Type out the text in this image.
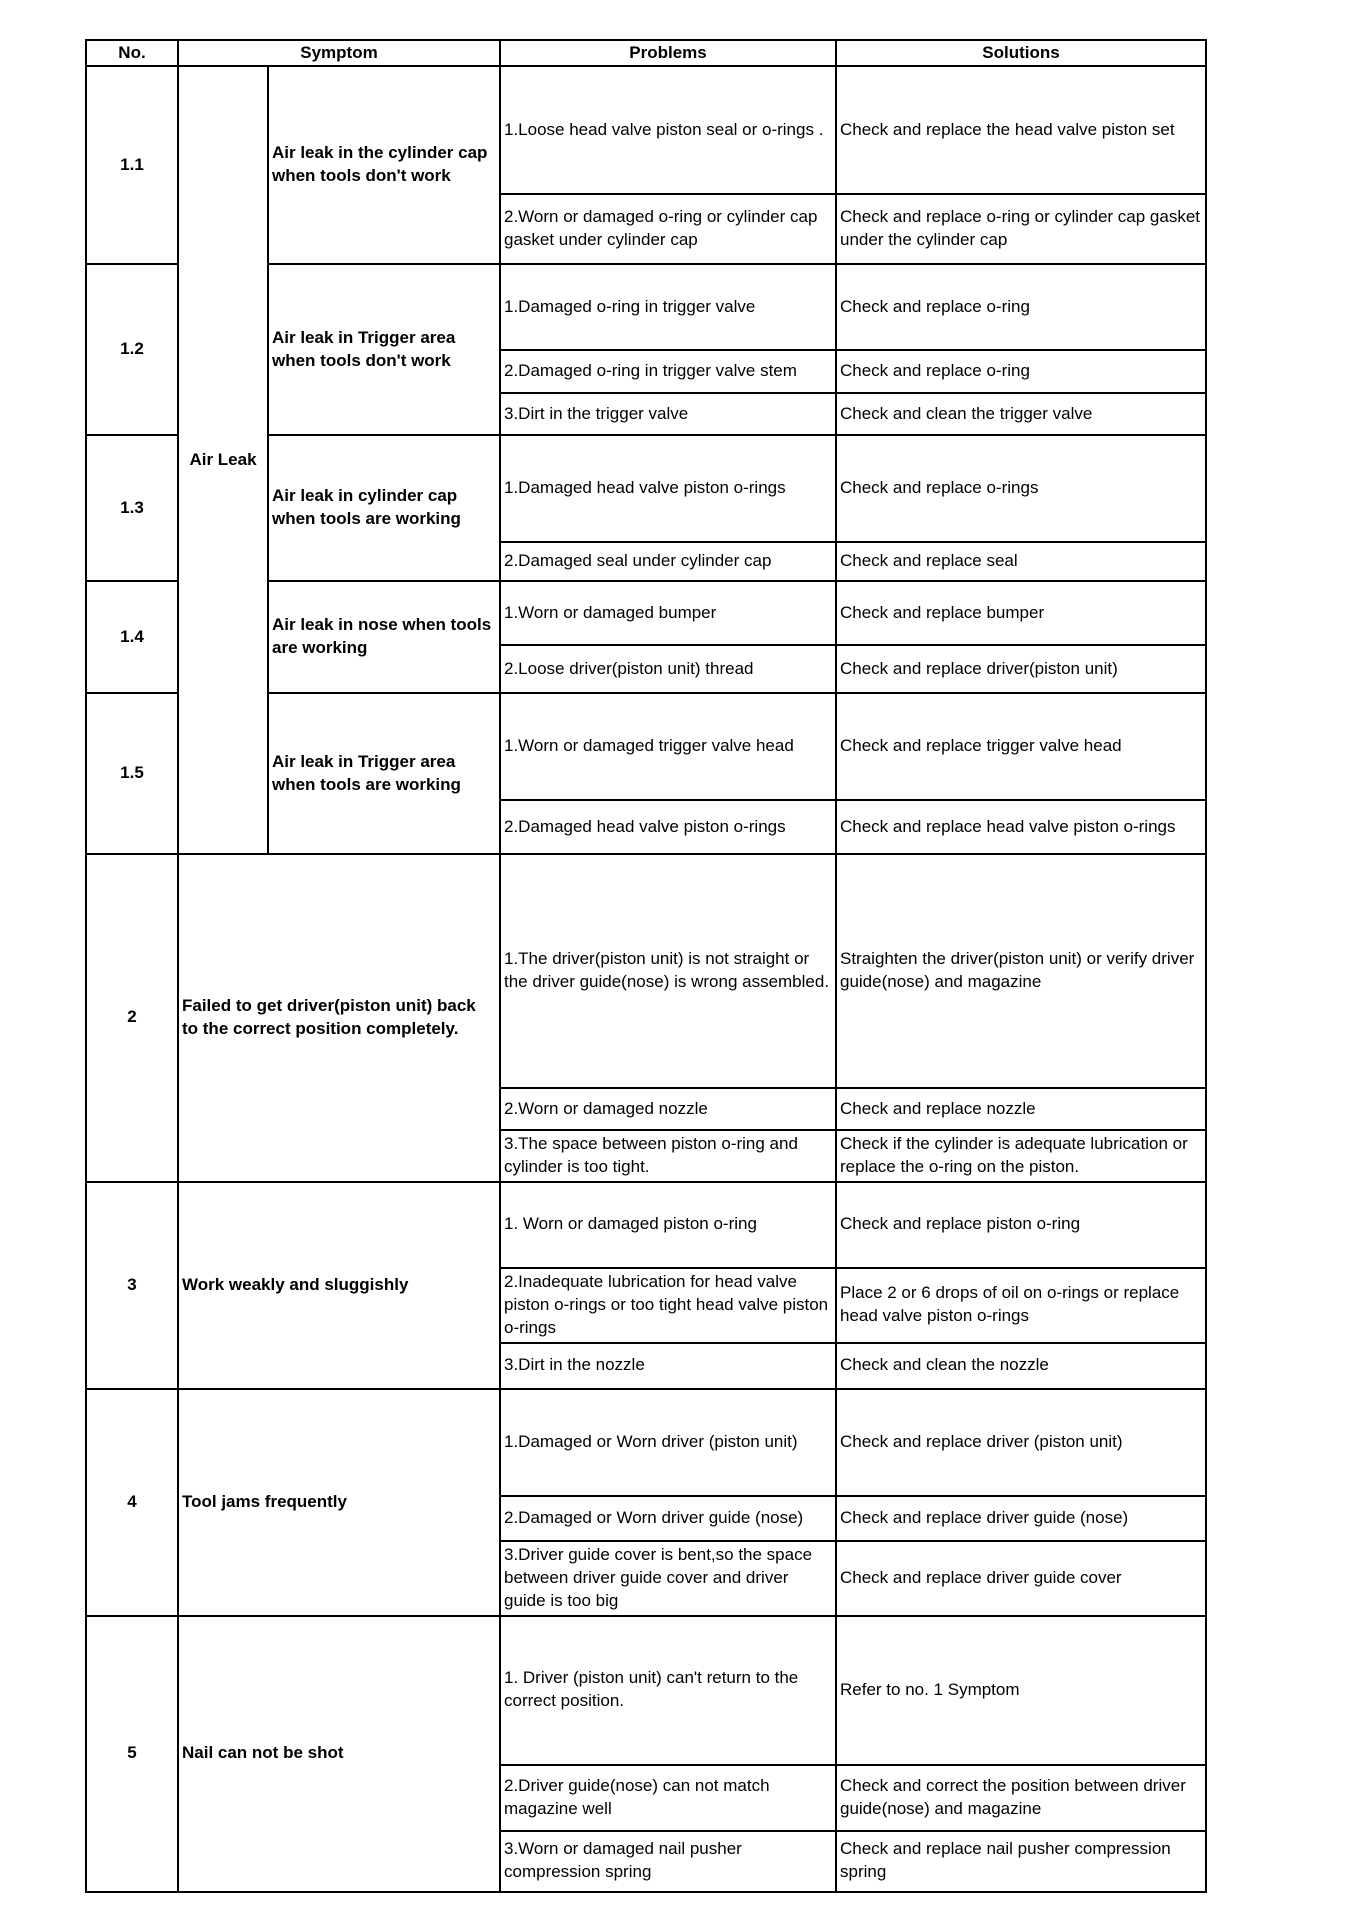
No.	Symptom		Problems	Solutions
1.1	Air Leak	Air leak in the cylinder cap when tools don't work	1.Loose head valve piston seal or o-rings .	Check and replace the head valve piston set
			2.Worn or damaged o-ring or cylinder cap gasket under cylinder cap	Check and replace o-ring or cylinder cap gasket under the cylinder cap
1.2		Air leak in Trigger area when tools don't work	1.Damaged o-ring in trigger valve	Check and replace o-ring
			2.Damaged o-ring in trigger valve stem	Check and replace o-ring
			3.Dirt in the trigger valve	Check and clean the trigger valve
1.3		Air leak in cylinder cap when tools are working	1.Damaged head valve piston o-rings	Check and replace o-rings
			2.Damaged seal under cylinder cap	Check and replace seal
1.4		Air leak in nose when tools are working	1.Worn or damaged bumper	Check and replace bumper
			2.Loose driver(piston unit) thread	Check and replace driver(piston unit)
1.5		Air leak in Trigger area when tools are working	1.Worn or damaged trigger valve head	Check and replace trigger valve head
			2.Damaged head valve piston o-rings	Check and replace head valve piston o-rings
2	Failed to get driver(piston unit) back to the correct position completely.		1.The driver(piston unit) is not straight or the driver guide(nose) is wrong assembled.	Straighten the driver(piston unit) or verify driver guide(nose) and magazine
			2.Worn or damaged nozzle	Check and replace nozzle
			3.The space between piston o-ring and cylinder is too tight.	Check if the cylinder is adequate lubrication or replace the o-ring on the piston.
3	Work weakly and sluggishly		1. Worn or damaged piston o-ring	Check and replace piston o-ring
			2.Inadequate lubrication for head valve piston o-rings or too tight head valve piston o-rings	Place 2 or 6 drops of oil on o-rings or replace head valve piston o-rings
			3.Dirt in the nozzle	Check and clean the nozzle
4	Tool jams frequently		1.Damaged or Worn driver (piston unit)	Check and replace driver (piston unit)
			2.Damaged or Worn driver guide (nose)	Check and replace driver guide (nose)
			3.Driver guide cover is bent,so the space between driver guide cover and driver guide is too big	Check and replace driver guide cover
5	Nail can not be shot		1. Driver (piston unit) can't return to the correct position.	Refer to no. 1 Symptom
			2.Driver guide(nose) can not match magazine well	Check and correct the position between driver guide(nose) and magazine
			3.Worn or damaged nail pusher compression spring	Check and replace nail pusher compression spring
